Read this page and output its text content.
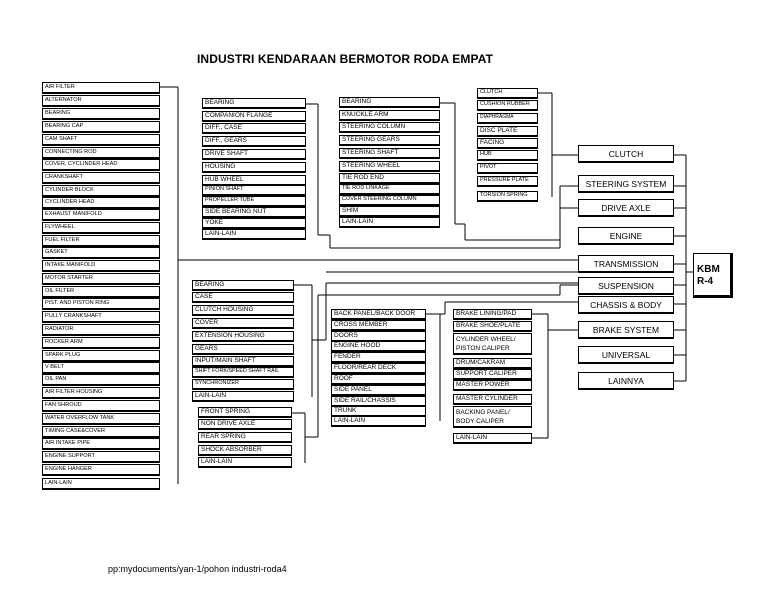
INDUSTRI KENDARAAN BERMOTOR RODA EMPAT
AIR FILTER
ALTERNATOR
BEARING
BEARING CAP
CAM SHAFT
CONNECTING ROD
COVER, CYCLINDER HEAD
CRANKSHAFT
CYLINDER BLOCK
CYCLINDER HEAD
EXHAUST MANIFOLD
FLYWHEEL
FUEL FILTER
GASKET
INTAKE MANIFOLD
MOTOR STARTER
OIL FILTER
PIST. AND PISTON RING
PULLY CRANKSHAFT
RADIATOR
ROCKER ARM
SPARK PLUG
V BELT
OIL PAN
AIR FILTER HOUSING
FAN SHROUD
WATER OVERFLOW TANK
TIMING CASE&COVER
AIR INTAKE PIPE
ENGINE SUPPORT
ENGINE HANGER
LAIN-LAIN
BEARING
COMPANION FLANGE
DIFF., CASE
DIFF., GEARS
DRIVE SHAFT
HOUSING
HUB WHEEL
PINION SHAFT
PROPELLER TUBE
SIDE BEARING NUT
YOKE
LAIN-LAIN
BEARING
KNUCKLE ARM
STEERING COLUMN
STEERING GEARS
STEERING SHAFT
STEERING WHEEL
TIE ROD END
TIE ROD LINKAGE
COVER STEERING COLUMN
SHIM
LAIN-LAIN
CLUTCH
CUSHION RUBBER
DIAPHRAGMA
DISC PLATE
FACING
HUB
PIVOT
PRESSURE PLATE
TORSION SPRING
BEARING
CASE
CLUTCH HOUSING
COVER
EXTENSION HOUSING
GEARS
INPUT/MAIN SHAFT
SHIFT FORK/SPEED SHAFT RAIL
SYNCHRONIZER
LAIN-LAIN
FRONT SPRING
NON DRIVE AXLE
REAR SPRING
SHOCK ABSORBER
LAIN-LAIN
BACK PANEL/BACK DOOR
CROSS MEMBER
DOORS
ENGINE HOOD
FENDER
FLOOR/REAR DECK
ROOF
SIDE PANEL
SIDE RAIL/CHASSIS
TRUNK
LAIN-LAIN
BRAKE LINING/PAD
BRAKE SHOE/PLATE
CYLINDER WHEEL/
PISTON CALIPER
DRUM/CAKRAM
SUPPORT CALIPER
MASTER POWER
MASTER CYLINDER
BACKING PANEL/
BODY CALIPER
LAIN-LAIN
CLUTCH
STEERING SYSTEM
DRIVE AXLE
ENGINE
TRANSMISSION
SUSPENSION
CHASSIS & BODY
BRAKE SYSTEM
UNIVERSAL
LAINNYA
KBM
R-4
pp:mydocuments/yan-1/pohon industri-roda4
